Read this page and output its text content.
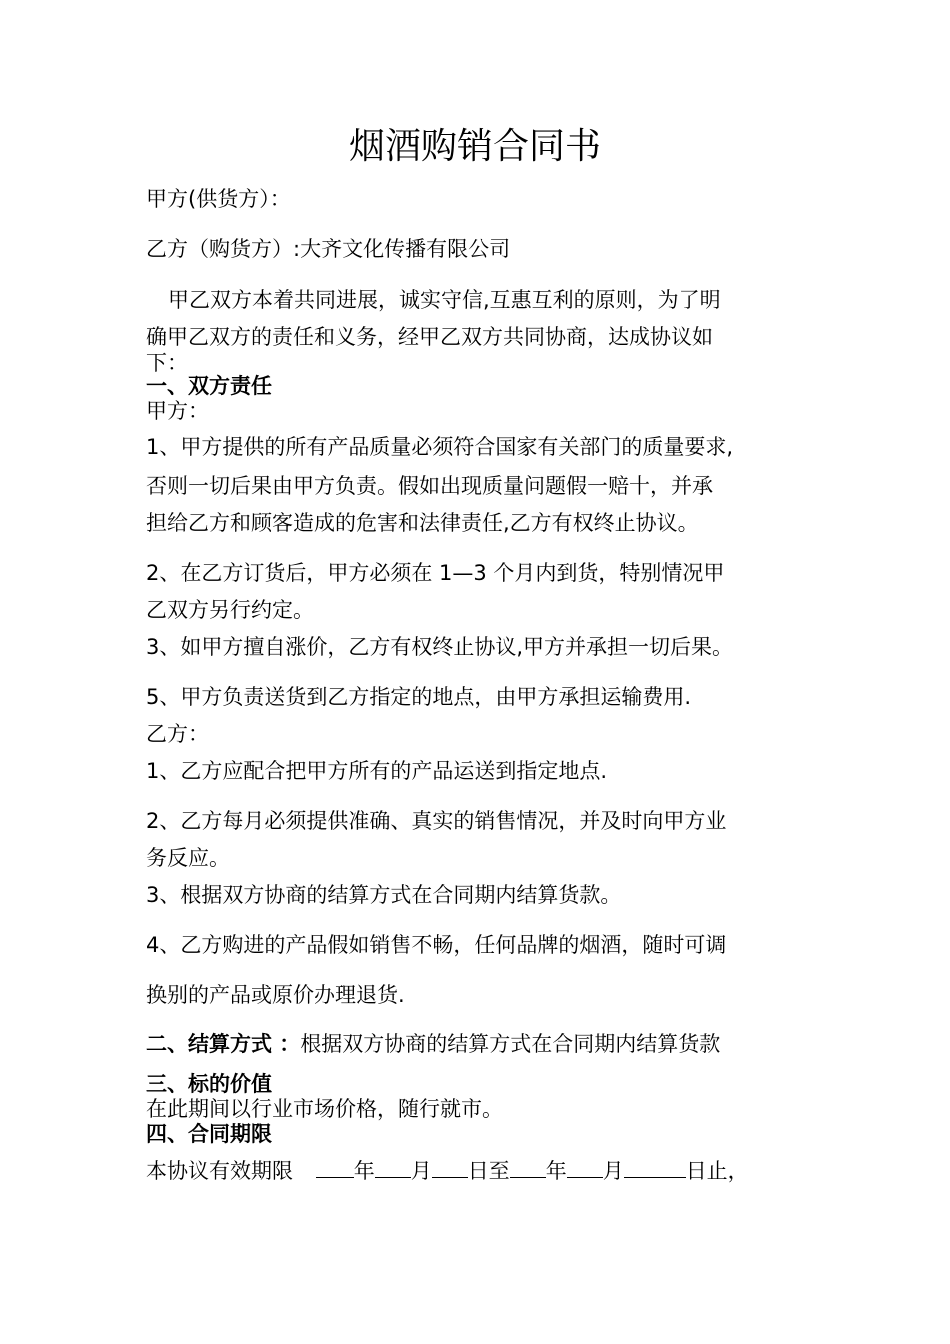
烟酒购销合同书
甲方(供货方）：
乙方（购货方）:大齐文化传播有限公司
甲乙双方本着共同进展，诚实守信,互惠互利的原则，为了明
确甲乙双方的责任和义务，经甲乙双方共同协商，达成协议如
下：
一、双方责任
甲方：
1、甲方提供的所有产品质量必须符合国家有关部门的质量要求,
否则一切后果由甲方负责。假如出现质量问题假一赔十，并承
担给乙方和顾客造成的危害和法律责任,乙方有权终止协议。
2、在乙方订货后，甲方必须在 1—3 个月内到货，特别情况甲
乙双方另行约定。
3、如甲方擅自涨价，乙方有权终止协议,甲方并承担一切后果。
5、甲方负责送货到乙方指定的地点，由甲方承担运输费用.
乙方：
1、乙方应配合把甲方所有的产品运送到指定地点.
2、乙方每月必须提供准确、真实的销售情况，并及时向甲方业
务反应。
3、根据双方协商的结算方式在合同期内结算货款。
4、乙方购进的产品假如销售不畅，任何品牌的烟酒，随时可调
换别的产品或原价办理退货.
二、结算方式 ：根据双方协商的结算方式在合同期内结算货款
三、标的价值
在此期间以行业市场价格，随行就市。
四、合同期限
本协议有效期限	年 月 日至 年 月	日止，
